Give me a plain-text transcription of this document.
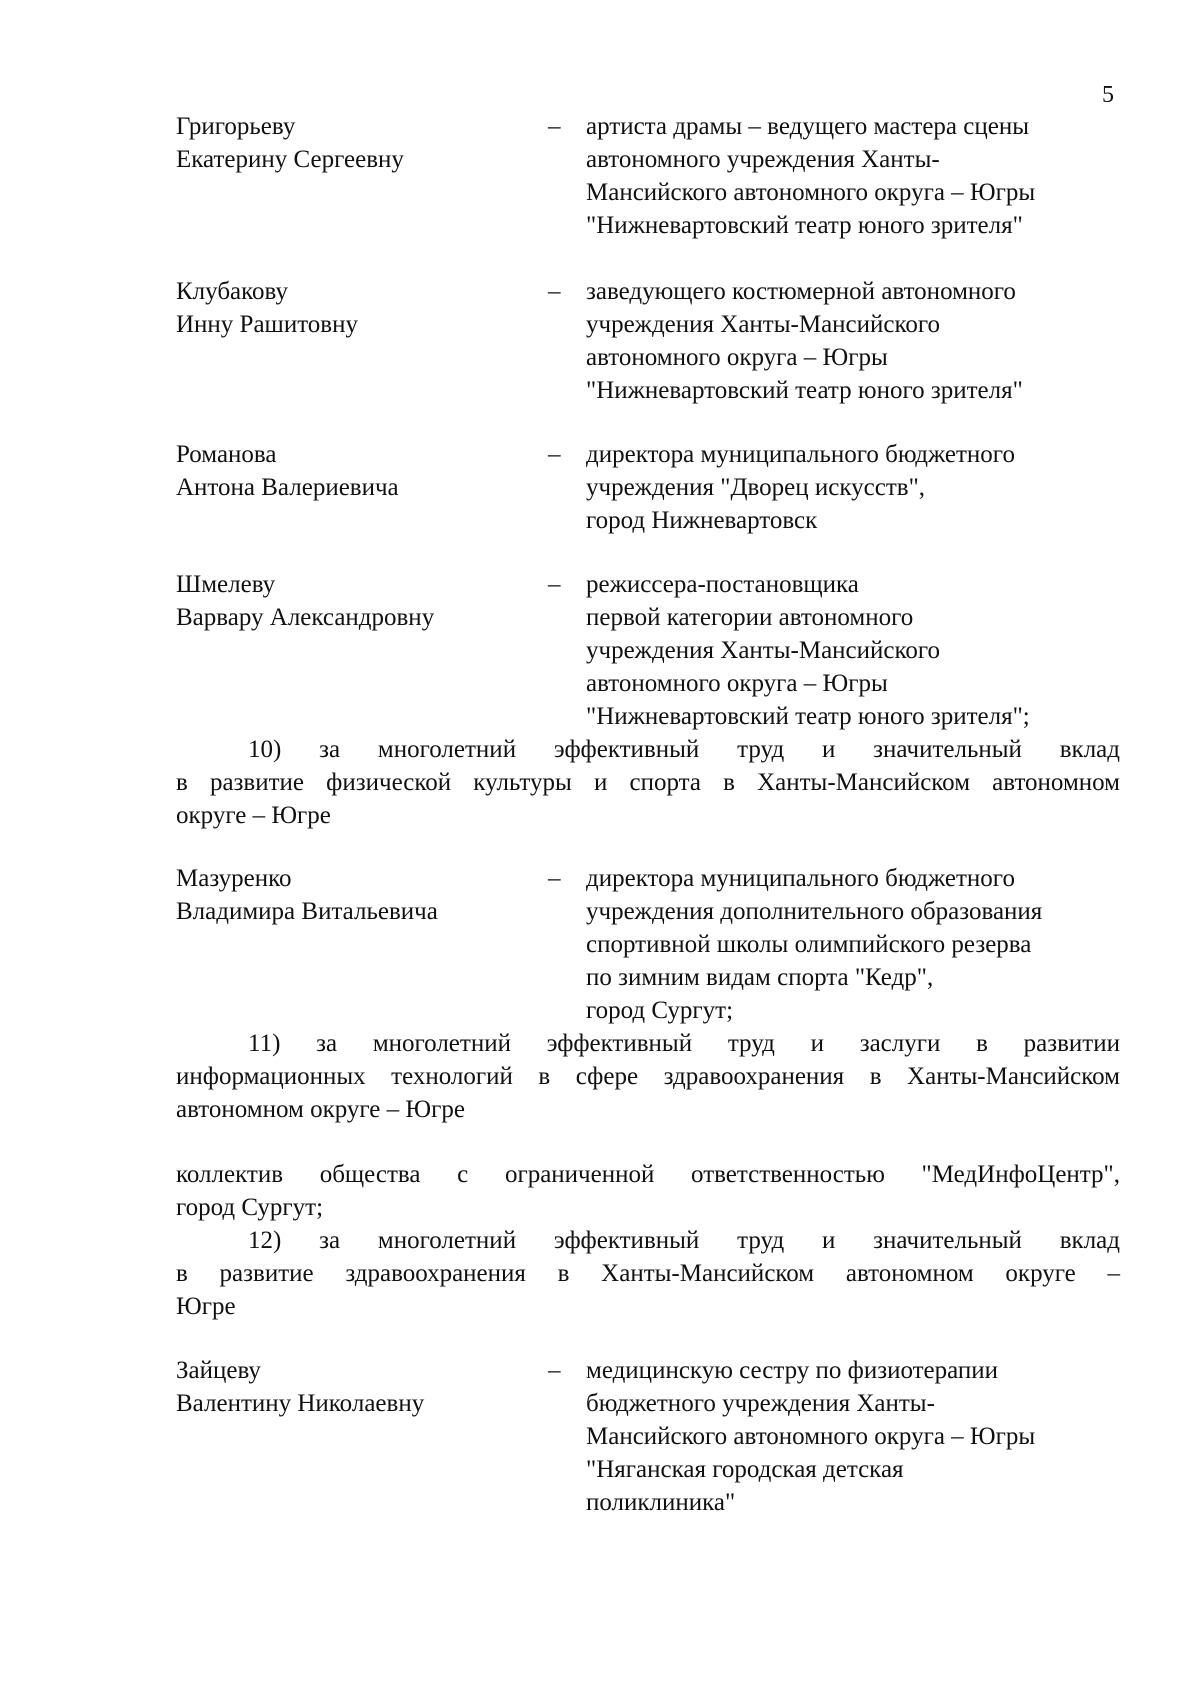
5
Григорьеву
Екатерину Сергеевну
– артиста драмы – ведущего мастера сцены
автономного учреждения Ханты-
Мансийского автономного округа – Югры
"Нижневартовский театр юного зрителя"
Клубакову
Инну Рашитовну
– заведующего костюмерной автономного
учреждения Ханты-Мансийского
автономного округа – Югры
"Нижневартовский театр юного зрителя"
Романова
Антона Валериевича
– директора муниципального бюджетного
учреждения "Дворец искусств",
город Нижневартовск
Шмелеву
Варвару Александровну
– режиссера-постановщика
первой категории автономного
учреждения Ханты-Мансийского
автономного округа – Югры
"Нижневартовский театр юного зрителя";
10) за многолетний эффективный труд и значительный вклад
в развитие физической культуры и спорта в Ханты-Мансийском автономном
округе – Югре
Мазуренко
Владимира Витальевича
– директора муниципального бюджетного
учреждения дополнительного образования
спортивной школы олимпийского резерва
по зимним видам спорта "Кедр",
город Сургут;
11) за многолетний эффективный труд и заслуги в развитии
информационных технологий в сфере здравоохранения в Ханты-Мансийском
автономном округе – Югре
коллектив общества с ограниченной ответственностью "МедИнфоЦентр",
город Сургут;
12) за многолетний эффективный труд и значительный вклад
в развитие здравоохранения в Ханты-Мансийском автономном округе –
Югре
Зайцеву
Валентину Николаевну
– медицинскую сестру по физиотерапии
бюджетного учреждения Ханты-
Мансийского автономного округа – Югры
"Няганская городская детская
поликлиника"
